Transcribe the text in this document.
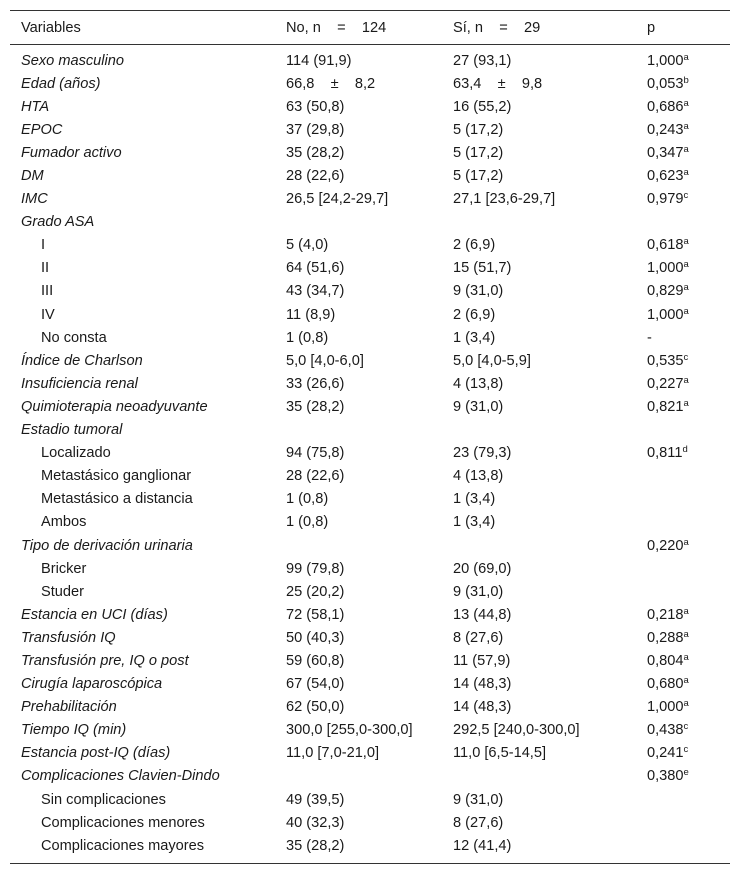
Variables	No, n    =    124	Sí, n    =    29	p
Sexo masculino	114 (91,9)	27 (93,1)	1,000$^a$
Edad (años)	66,8    ±    8,2	63,4    ±    9,8	0,053$^b$
HTA	63 (50,8)	16 (55,2)	0,686$^a$
EPOC	37 (29,8)	5 (17,2)	0,243$^a$
Fumador activo	35 (28,2)	5 (17,2)	0,347$^a$
DM	28 (22,6)	5 (17,2)	0,623$^a$
IMC	26,5 [24,2-29,7]	27,1 [23,6-29,7]	0,979$^c$
Grado ASA			
I	5 (4,0)	2 (6,9)	0,618$^a$
II	64 (51,6)	15 (51,7)	1,000$^a$
III	43 (34,7)	9 (31,0)	0,829$^a$
IV	11 (8,9)	2 (6,9)	1,000$^a$
No consta	1 (0,8)	1 (3,4)	-
Índice de Charlson	5,0 [4,0-6,0]	5,0 [4,0-5,9]	0,535$^c$
Insuficiencia renal	33 (26,6)	4 (13,8)	0,227$^a$
Quimioterapia neoadyuvante	35 (28,2)	9 (31,0)	0,821$^a$
Estadio tumoral			
Localizado	94 (75,8)	23 (79,3)	0,811$^d$
Metastásico ganglionar	28 (22,6)	4 (13,8)	
Metastásico a distancia	1 (0,8)	1 (3,4)	
Ambos	1 (0,8)	1 (3,4)	
Tipo de derivación urinaria			0,220$^a$
Bricker	99 (79,8)	20 (69,0)	
Studer	25 (20,2)	9 (31,0)	
Estancia en UCI (días)	72 (58,1)	13 (44,8)	0,218$^a$
Transfusión IQ	50 (40,3)	8 (27,6)	0,288$^a$
Transfusión pre, IQ o post	59 (60,8)	11 (57,9)	0,804$^a$
Cirugía laparoscópica	67 (54,0)	14 (48,3)	0,680$^a$
Prehabilitación	62 (50,0)	14 (48,3)	1,000$^a$
Tiempo IQ (min)	300,0 [255,0-300,0]	292,5 [240,0-300,0]	0,438$^c$
Estancia post-IQ (días)	11,0 [7,0-21,0]	11,0 [6,5-14,5]	0,241$^c$
Complicaciones Clavien-Dindo			0,380e
Sin complicaciones	49 (39,5)	9 (31,0)	
Complicaciones menores	40 (32,3)	8 (27,6)	
Complicaciones mayores	35 (28,2)	12 (41,4)	
